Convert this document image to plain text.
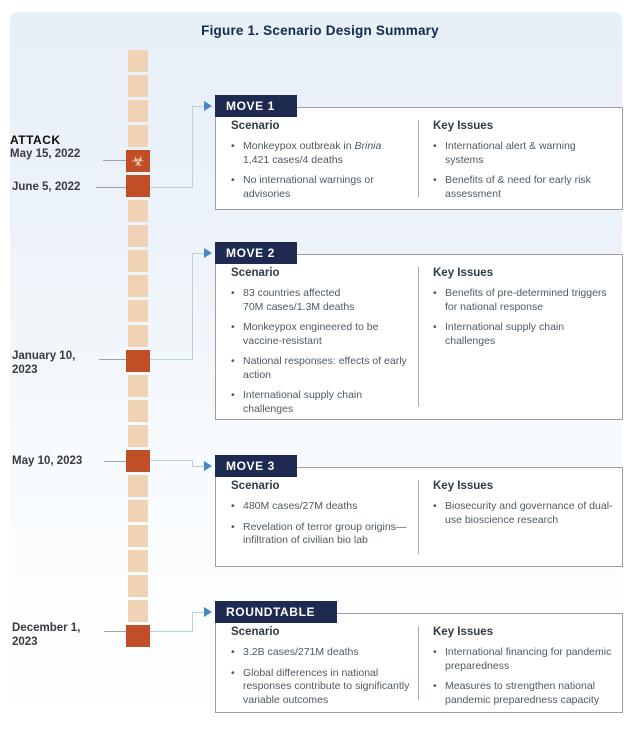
Figure 1. Scenario Design Summary
☣
ATTACK
May 15, 2022
June 5, 2022
January 10,
2023
May 10, 2023
December 1,
2023
MOVE 1
Scenario
• Monkeypox outbreak in Brinia
1,421 cases/4 deaths
• No international warnings or advisories
Key Issues
• International alert & warning systems
• Benefits of & need for early risk assessment
MOVE 2
Scenario
• 83 countries affected
70M cases/1.3M deaths
• Monkeypox engineered to be vaccine-resistant
• National responses: effects of early action
• International supply chain challenges
Key Issues
• Benefits of pre-determined triggers for national response
• International supply chain challenges
MOVE 3
Scenario
• 480M cases/27M deaths
• Revelation of terror group origins—infiltration of civilian bio lab
Key Issues
• Biosecurity and governance of dual-use bioscience research
ROUNDTABLE
Scenario
• 3.2B cases/271M deaths
• Global differences in national responses contribute to significantly variable outcomes
Key Issues
• International financing for pandemic preparedness
• Measures to strengthen national pandemic preparedness capacity
